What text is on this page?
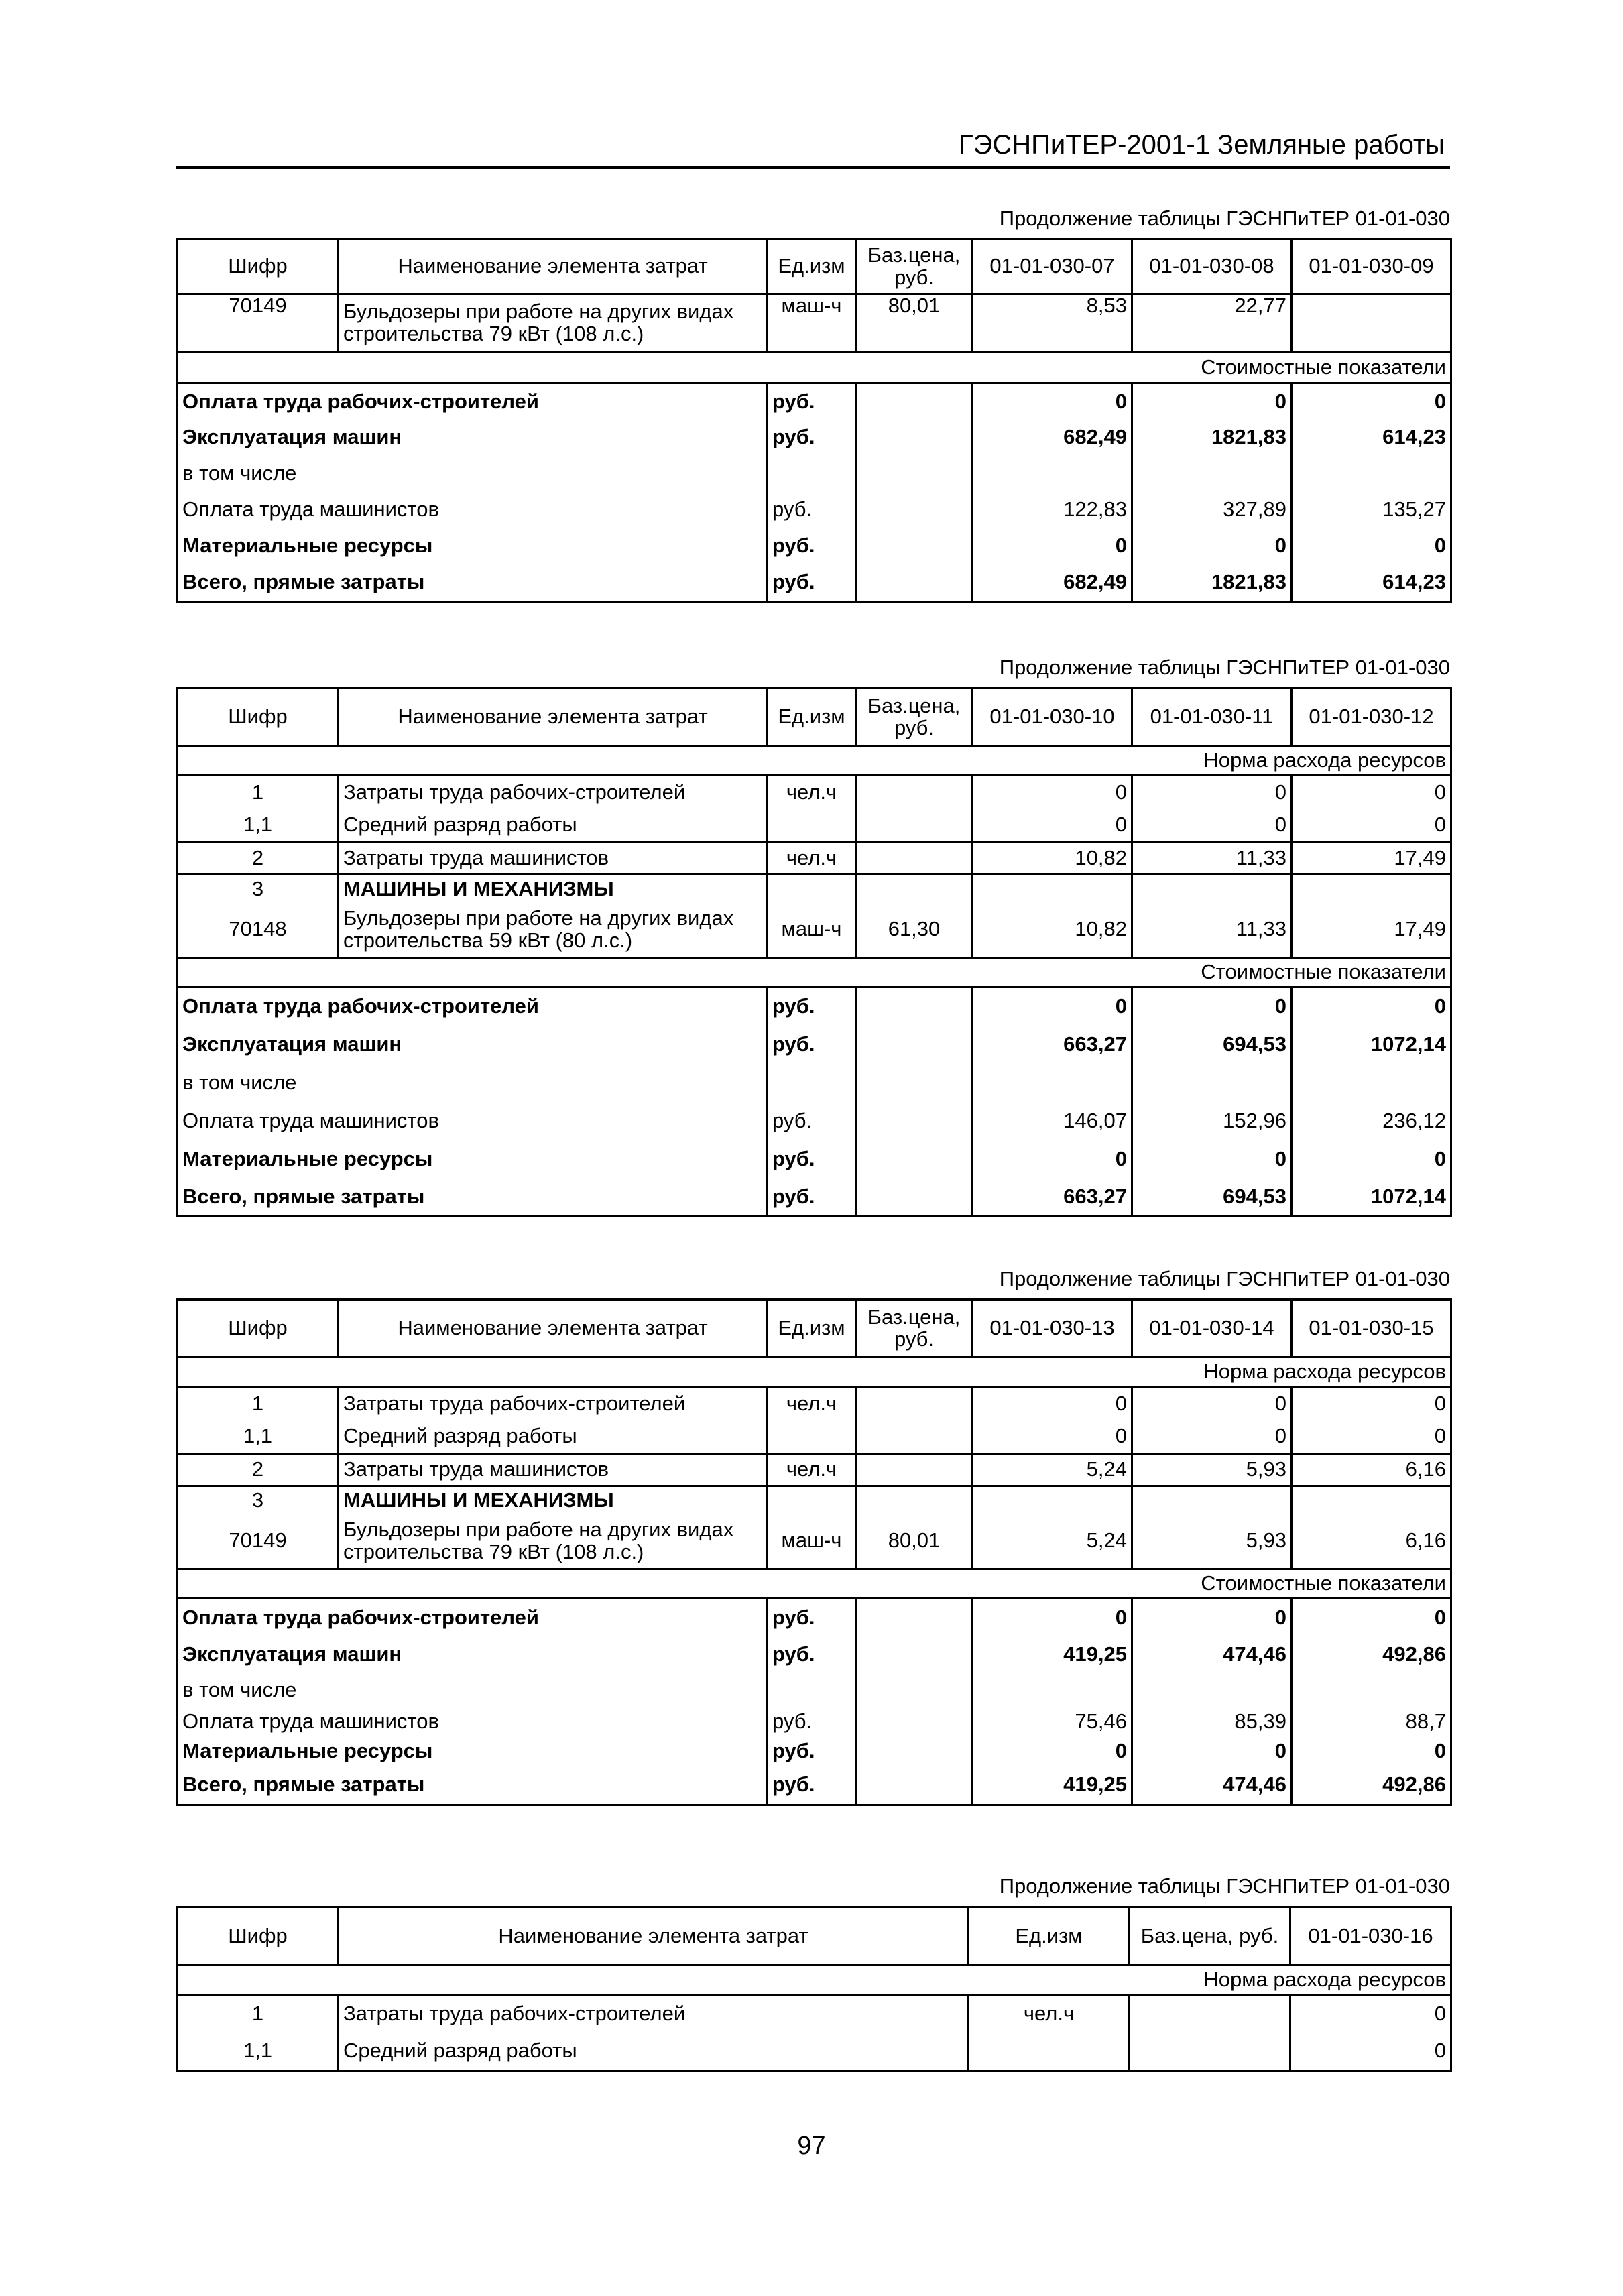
ГЭСНПиТЕР-2001-1 Земляные работы
Продолжение таблицы ГЭСНПиТЕР 01-01-030
Шифр	Наименование элемента затрат	Ед.изм	Баз.цена, руб.	01-01-030-07	01-01-030-08	01-01-030-09
70149	Бульдозеры при работе на других видах строительства 79 кВт (108 л.с.)	маш-ч	80,01	8,53	22,77	
Стоимостные показатели						
Оплата труда рабочих-строителей		руб.		0	0	0
Эксплуатация машин		руб.		682,49	1821,83	614,23
в том числе						
Оплата труда машинистов		руб.		122,83	327,89	135,27
Материальные ресурсы		руб.		0	0	0
Всего, прямые затраты		руб.		682,49	1821,83	614,23
Продолжение таблицы ГЭСНПиТЕР 01-01-030
Шифр	Наименование элемента затрат	Ед.изм	Баз.цена, руб.	01-01-030-10	01-01-030-11	01-01-030-12
Норма расхода ресурсов						
1	Затраты труда рабочих-строителей	чел.ч		0	0	0
1,1	Средний разряд работы			0	0	0
2	Затраты труда машинистов	чел.ч		10,82	11,33	17,49
3	МАШИНЫ И МЕХАНИЗМЫ					
70148	Бульдозеры при работе на других видах строительства 59 кВт (80 л.с.)	маш-ч	61,30	10,82	11,33	17,49
Стоимостные показатели						
Оплата труда рабочих-строителей		руб.		0	0	0
Эксплуатация машин		руб.		663,27	694,53	1072,14
в том числе						
Оплата труда машинистов		руб.		146,07	152,96	236,12
Материальные ресурсы		руб.		0	0	0
Всего, прямые затраты		руб.		663,27	694,53	1072,14
Продолжение таблицы ГЭСНПиТЕР 01-01-030
Шифр	Наименование элемента затрат	Ед.изм	Баз.цена, руб.	01-01-030-13	01-01-030-14	01-01-030-15
Норма расхода ресурсов						
1	Затраты труда рабочих-строителей	чел.ч		0	0	0
1,1	Средний разряд работы			0	0	0
2	Затраты труда машинистов	чел.ч		5,24	5,93	6,16
3	МАШИНЫ И МЕХАНИЗМЫ					
70149	Бульдозеры при работе на других видах строительства 79 кВт (108 л.с.)	маш-ч	80,01	5,24	5,93	6,16
Стоимостные показатели						
Оплата труда рабочих-строителей		руб.		0	0	0
Эксплуатация машин		руб.		419,25	474,46	492,86
в том числе						
Оплата труда машинистов		руб.		75,46	85,39	88,7
Материальные ресурсы		руб.		0	0	0
Всего, прямые затраты		руб.		419,25	474,46	492,86
Продолжение таблицы ГЭСНПиТЕР 01-01-030
Шифр	Наименование элемента затрат	Ед.изм	Баз.цена, руб.	01-01-030-16
Норма расхода ресурсов				
1	Затраты труда рабочих-строителей	чел.ч		0
1,1	Средний разряд работы			0
97
